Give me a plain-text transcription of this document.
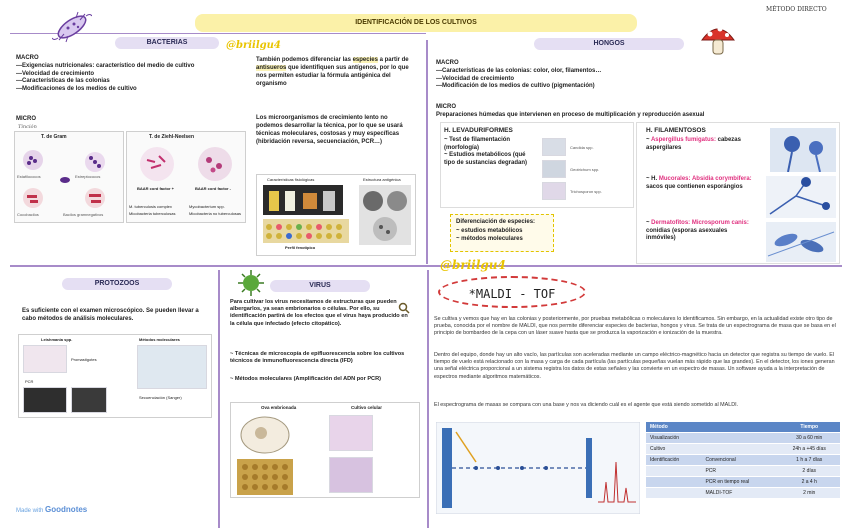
IDENTIFICACIÓN DE LOS CULTIVOS
MÉTODO DIRECTO
BACTERIAS	@briilgu4
MACRO
—Exigencias nutricionales: característico del medio de cultivo
—Velocidad de crecimiento
—Características de las colonias
—Modificaciones de los medios de cultivo
MICRO
Tinción
T. de Gram
Estafilococos	Estreptococos
Cocobacilos	Bacilos gramnegativos
T. de Ziehl-Neelsen
BAAR cord factor +	BAAR cord factor -
M. tuberculosis complex Micobacteria tuberculosas
Mycobacterium spp. Micobacteria no tuberculosas
También podemos diferenciar las especies a partir de antisueros que identifiquen sus antígenos, por lo que nos permiten estudiar la fórmula antigénica del organismo
Los microorganismos de crecimiento lento no podemos desarrollar la técnica, por lo que se usará técnicas moleculares, costosas y muy específicas (hibridación reversa, secuenciación, PCR…)
Características fisiológicas	Estructura antigénica
Perfil fenotípico
HONGOS
MACRO
—Características de las colonias: color, olor, filamentos…
—Velocidad de crecimiento
—Modificación de los medios de cultivo (pigmentación)
MICRO
Preparaciones húmedas que intervienen en proceso de multiplicación y reproducción asexual
H. LEVADURIFORMES
~ Test de filamentación (morfología)
~ Estudios metabólicos (qué tipo de sustancias degradan)
Candida spp.
Geotrichum spp.
Trichosporon spp.
Diferenciación de especies:
~ estudios metabólicos
~ métodos moleculares
H. FILAMENTOSOS
~ Aspergillus fumigatus: cabezas aspergilares
~ H. Mucorales: Absidia corymbifera: sacos que contienen esporángios
~ Dermatofitos: Microsporum canis: conidias (esporas asexuales inmóviles)
PROTOZOOS
Es suficiente con el examen microscópico. Se pueden llevar a cabo métodos de análisis moleculares.
Leishmania spp.	Métodos moleculares
Promastigotes
PCR
Secuenciación (Sanger)
VIRUS
Para cultivar los virus necesitamos de estructuras que pueden albergarlos, ya sean embrionarios o células. Por ello, su identificación partirá de los efectos que el virus haya producido en la célula que infectado (efecto citopático).
~ Técnicas de microscopía de epifluorescencia sobre los cultivos técnicos de inmunofluorescencia directa (IFD)
~ Métodos moleculares (Amplificación del ADN por PCR)
Ova embrionada	Cultivo celular
@briilgu4
*MALDI - TOF
Se cultiva y vemos que hay en las colonias y posteriormente, por pruebas metabólicas o moleculares lo identificamos. Sin embargo, en la actualidad existe otro tipo de prueba, conocida por el nombre de MALDI, que nos permite diferenciar especies de bacterias, hongos y virus. Se trata de un espectrograma de masa que se basa en el principio de bombardeo de la cepa con un láser suave hasta que se produzca la vaporización e ionización de la muestra.
Dentro del equipo, donde hay un alto vacío, las partículas son aceleradas mediante un campo eléctrico-magnético hacia un detector que registra su tiempo de vuelo. El tiempo de vuelo está relacionado con la masa y carga de cada partícula (las partículas pequeñas vuelan más rápido que las grandes). En el detector, los iones generan una señal eléctrica proporcional a un sistema registra los datos de estas señales y las convierte en un espectro de masas. Un software ayuda a la interpretación de espectros mediante algoritmos matemáticos.
El espectrograma de masas se compara con una base y nos va diciendo cuál es el agente que está siendo sometido al MALDI.
Método		Tiempo
Visualización		30 a 60 min
Cultivo		24h a +45 días
Identificación	Convencional	1 h a 7 días
	PCR	2 días
	PCR en tiempo real	2 a 4 h
	MALDI-TOF	2 min
Made with Goodnotes
